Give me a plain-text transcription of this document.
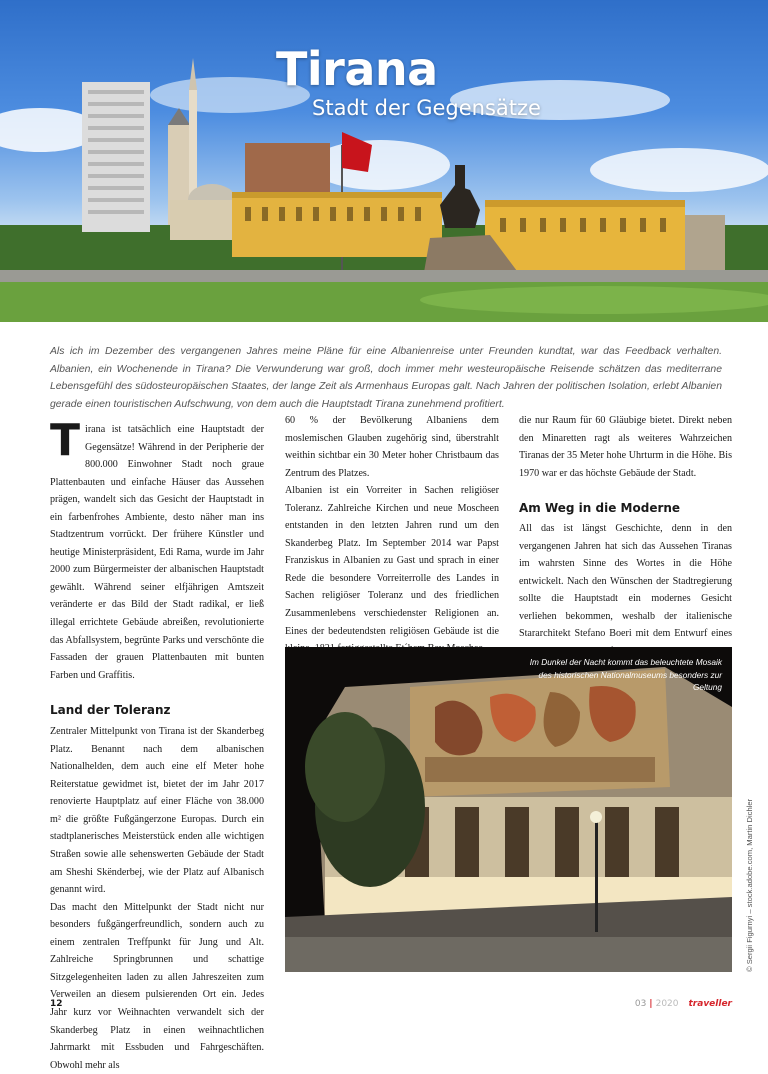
Tirana
Stadt der Gegensätze
Als ich im Dezember des vergangenen Jahres meine Pläne für eine Albanienreise unter Freunden kundtat, war das Feedback verhalten. Albanien, ein Wochenende in Tirana? Die Verwunderung war groß, doch immer mehr westeuropäische Reisende schätzen das mediterrane Lebensgefühl des südosteuropäischen Staates, der lange Zeit als Armenhaus Europas galt. Nach Jahren der politischen Isolation, erlebt Albanien gerade einen touristischen Aufschwung, von dem auch die Hauptstadt Tirana zunehmend profitiert.

Tirana ist tatsächlich eine Hauptstadt der Gegensätze! Während in der Peripherie der 800.000 Einwohner Stadt noch graue Plattenbauten und einfache Häuser das Aussehen prägen, wandelt sich das Gesicht der Hauptstadt in ein farbenfrohes Ambiente, desto näher man ins Stadtzentrum vorrückt. Der frühere Künstler und heutige Ministerpräsident, Edi Rama, wurde im Jahr 2000 zum Bürgermeister der albanischen Hauptstadt gewählt. Während seiner elfjährigen Amtszeit veränderte er das Bild der Stadt radikal, er ließ illegal errichtete Gebäude abreißen, revolutionierte das Abfallsystem, begrünte Parks und verschönte die Fassaden der grauen Plattenbauten mit bunten Farben und Graffitis.

Land der Toleranz

Zentraler Mittelpunkt von Tirana ist der Skanderbeg Platz. Benannt nach dem albanischen Nationalhelden, dem auch eine elf Meter hohe Reiterstatue gewidmet ist, bietet der im Jahr 2017 renovierte Hauptplatz auf einer Fläche von 38.000 m² die größte Fußgängerzone Europas. Durch ein stadtplanerisches Meisterstück enden alle wichtigen Straßen sowie alle sehenswerten Gebäude der Stadt am Sheshi Skënderbej, wie der Platz auf Albanisch genannt wird.

Das macht den Mittelpunkt der Stadt nicht nur besonders fußgängerfreundlich, sondern auch zu einem zentralen Treffpunkt für Jung und Alt. Zahlreiche Springbrunnen und schattige Sitzgelegenheiten laden zu allen Jahreszeiten zum Verweilen an diesem pulsierenden Ort ein. Jedes Jahr kurz vor Weihnachten verwandelt sich der Skanderbeg Platz in einen weihnachtlichen Jahrmarkt mit Essbuden und Fahrgeschäften. Obwohl mehr als

60 % der Bevölkerung Albaniens dem moslemischen Glauben zugehörig sind, überstrahlt weithin sichtbar ein 30 Meter hoher Christbaum das Zentrum des Platzes.

Albanien ist ein Vorreiter in Sachen religiöser Toleranz. Zahlreiche Kirchen und neue Moscheen entstanden in den letzten Jahren rund um den Skanderbeg Platz. Im September 2014 war Papst Franziskus in Albanien zu Gast und sprach in einer Rede die besondere Vorreiterrolle des Landes in Sachen religiöser Toleranz und des friedlichen Zusammenlebens verschiedenster Religionen an. Eines der bedeutendsten religiösen Gebäude ist die

die nur Raum für 60 Gläubige bietet. Direkt neben den Minaretten ragt als weiteres Wahrzeichen Tiranas der 35 Meter hohe Uhrturm in die Höhe. Bis 1970 war er das höchste Gebäude der Stadt.

Am Weg in die Moderne

All das ist längst Geschichte, denn in den vergangenen Jahren hat sich das Aussehen Tiranas im wahrsten Sinne des Wortes in die Höhe entwickelt. Nach den Wünschen der Stadtregierung sollte die Hauptstadt ein modernes Gesicht verliehen bekommen, weshalb der italienische Stararchitekt Stefano Boeri mit dem Entwurf eines

Im Dunkel der Nacht kommt das beleuchtete Mosaik des historischen Nationalmuseums besonders zur Geltung
© Sergii Figurnyi – stock.adobe.com, Martin Dichler
12	03 | 2020 traveller
